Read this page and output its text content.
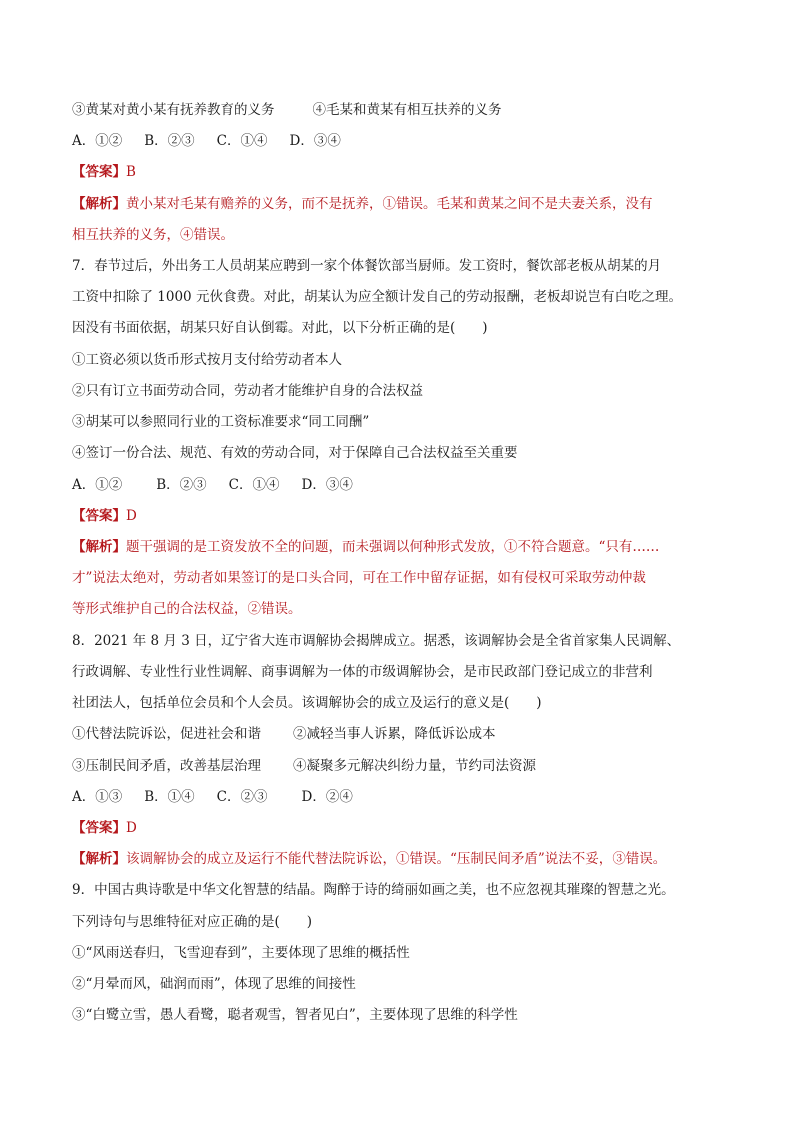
③黄某对黄小某有抚养教育的义务	④毛某和黄某有相互扶养的义务
A．①② B．②③ C．①④ D．③④
【答案】B
【解析】黄小某对毛某有赡养的义务，而不是抚养，①错误。毛某和黄某之间不是夫妻关系，没有
相互扶养的义务，④错误。
7．春节过后，外出务工人员胡某应聘到一家个体餐饮部当厨师。发工资时，餐饮部老板从胡某的月
工资中扣除了 1000 元伙食费。对此，胡某认为应全额计发自己的劳动报酬，老板却说岂有白吃之理。
因没有书面依据，胡某只好自认倒霉。对此，以下分析正确的是(　　)
①工资必须以货币形式按月支付给劳动者本人
②只有订立书面劳动合同，劳动者才能维护自身的合法权益
③胡某可以参照同行业的工资标准要求“同工同酬”
④签订一份合法、规范、有效的劳动合同，对于保障自己合法权益至关重要
A．①②	B．②③ C．①④ D．③④
【答案】D
【解析】题干强调的是工资发放不全的问题，而未强调以何种形式发放，①不符合题意。“只有……
才”说法太绝对，劳动者如果签订的是口头合同，可在工作中留存证据，如有侵权可采取劳动仲裁
等形式维护自己的合法权益，②错误。
8．2021 年 8 月 3 日，辽宁省大连市调解协会揭牌成立。据悉，该调解协会是全省首家集人民调解、
行政调解、专业性行业性调解、商事调解为一体的市级调解协会，是市民政部门登记成立的非营利
社团法人，包括单位会员和个人会员。该调解协会的成立及运行的意义是(　　)
①代替法院诉讼，促进社会和谐 ②减轻当事人诉累，降低诉讼成本
③压制民间矛盾，改善基层治理 ④凝聚多元解决纠纷力量，节约司法资源
A．①③ B．①④ C．②③	D．②④
【答案】D
【解析】该调解协会的成立及运行不能代替法院诉讼，①错误。“压制民间矛盾”说法不妥，③错误。
9．中国古典诗歌是中华文化智慧的结晶。陶醉于诗的绮丽如画之美，也不应忽视其璀璨的智慧之光。
下列诗句与思维特征对应正确的是(　　)
①“风雨送春归，飞雪迎春到”，主要体现了思维的概括性
②“月晕而风，础润而雨”，体现了思维的间接性
③“白鹭立雪，愚人看鹭，聪者观雪，智者见白”，主要体现了思维的科学性
